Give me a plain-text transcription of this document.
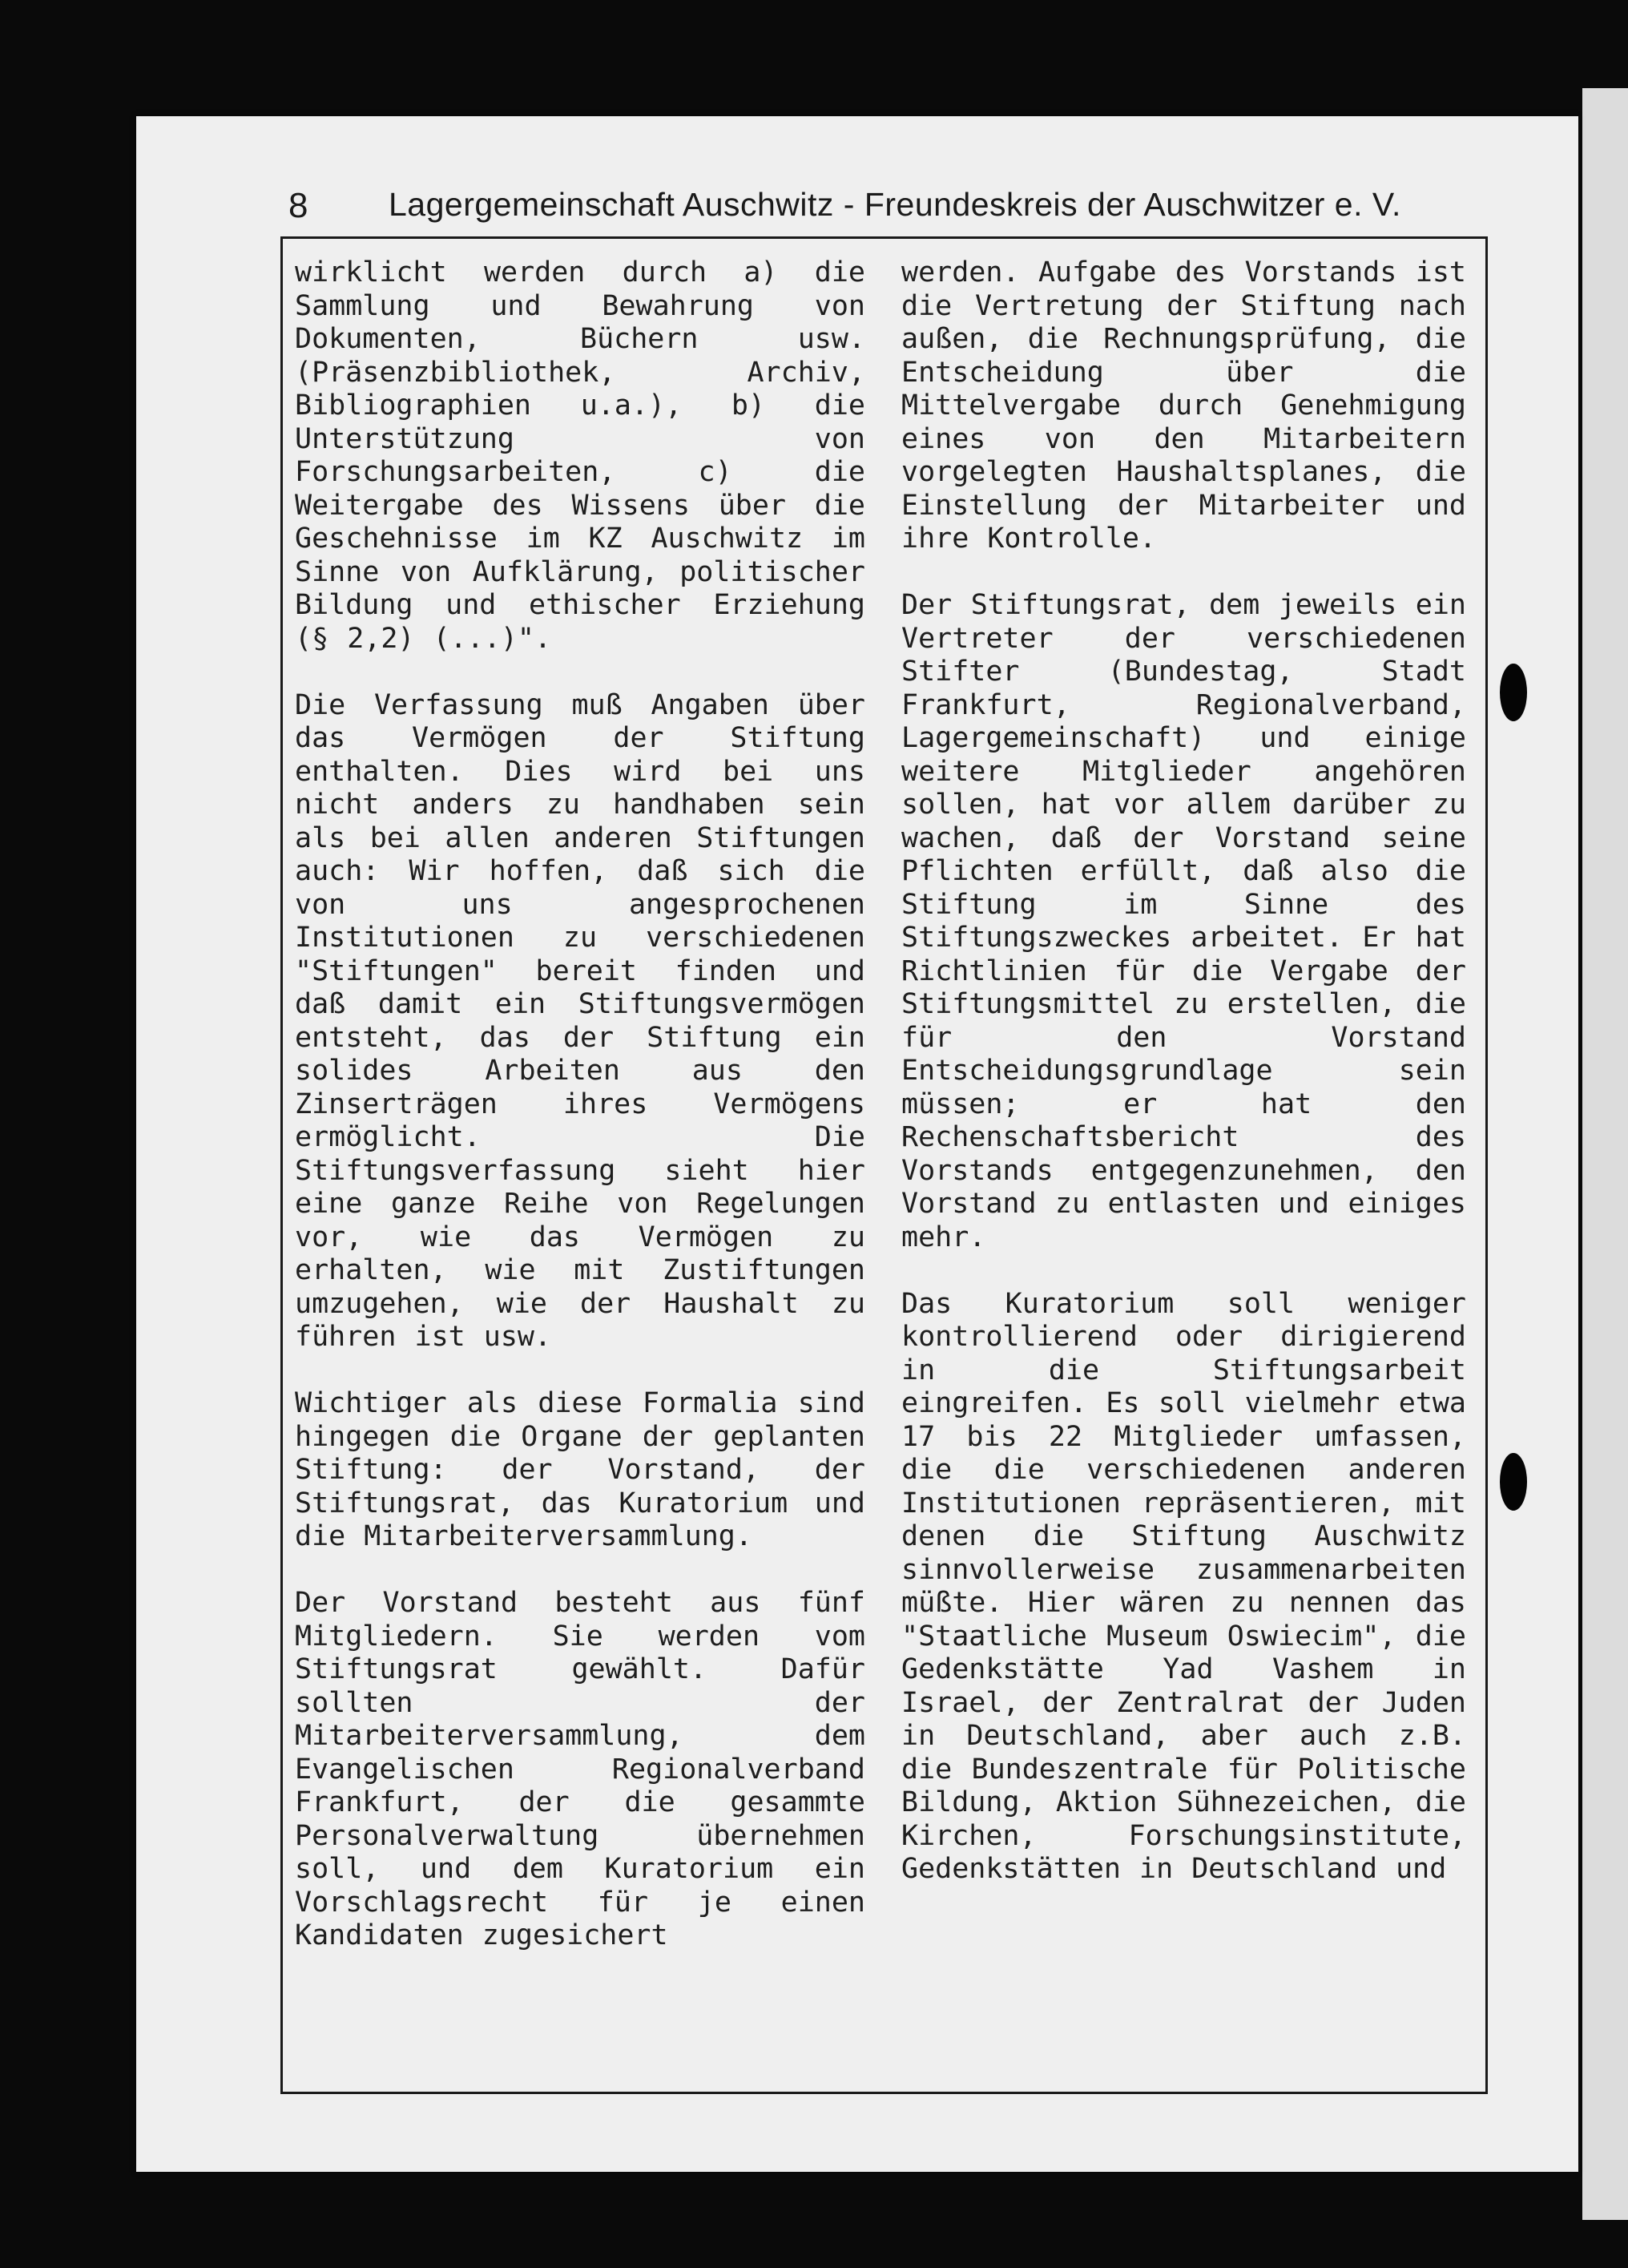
8 Lagergemeinschaft Auschwitz - Freundeskreis der Auschwitzer e. V.

wirklicht werden durch a) die Sammlung und Bewahrung von Dokumenten, Büchern usw. (Präsenzbibliothek, Archiv, Bibliographien u.a.), b) die Unterstützung von Forschungsarbeiten, c) die Weitergabe des Wissens über die Geschehnisse im KZ Auschwitz im Sinne von Aufklärung, politischer Bildung und ethischer Erziehung (§ 2,2) (...)".

Die Verfassung muß Angaben über das Vermögen der Stiftung enthalten. Dies wird bei uns nicht anders zu handhaben sein als bei allen anderen Stiftungen auch: Wir hoffen, daß sich die von uns angesprochenen Institutionen zu verschiedenen "Stiftungen" bereit finden und daß damit ein Stiftungsvermögen entsteht, das der Stiftung ein solides Arbeiten aus den Zinserträgen ihres Vermögens ermöglicht. Die Stiftungsverfassung sieht hier eine ganze Reihe von Regelungen vor, wie das Vermögen zu erhalten, wie mit Zustiftungen umzugehen, wie der Haushalt zu führen ist usw.

Wichtiger als diese Formalia sind hingegen die Organe der geplanten Stiftung: der Vorstand, der Stiftungsrat, das Kuratorium und die Mitarbeiterversammlung.

Der Vorstand besteht aus fünf Mitgliedern. Sie werden vom Stiftungsrat gewählt. Dafür sollten der Mitarbeiterversammlung, dem Evangelischen Regionalverband Frankfurt, der die gesammte Personalverwaltung übernehmen soll, und dem Kuratorium ein Vorschlagsrecht für je einen Kandidaten zugesichert

werden. Aufgabe des Vorstands ist die Vertretung der Stiftung nach außen, die Rechnungsprüfung, die Entscheidung über die Mittelvergabe durch Genehmigung eines von den Mitarbeitern vorgelegten Haushaltsplanes, die Einstellung der Mitarbeiter und ihre Kontrolle.

Der Stiftungsrat, dem jeweils ein Vertreter der verschiedenen Stifter (Bundestag, Stadt Frankfurt, Regionalverband, Lagergemeinschaft) und einige weitere Mitglieder angehören sollen, hat vor allem darüber zu wachen, daß der Vorstand seine Pflichten erfüllt, daß also die Stiftung im Sinne des Stiftungszweckes arbeitet. Er hat Richtlinien für die Vergabe der Stiftungsmittel zu erstellen, die für den Vorstand Entscheidungsgrundlage sein müssen; er hat den Rechenschaftsbericht des Vorstands entgegenzunehmen, den Vorstand zu entlasten und einiges mehr.

Das Kuratorium soll weniger kontrollierend oder dirigierend in die Stiftungsarbeit eingreifen. Es soll vielmehr etwa 17 bis 22 Mitglieder umfassen, die die verschiedenen anderen Institutionen repräsentieren, mit denen die Stiftung Auschwitz sinnvollerweise zusammenarbeiten müßte. Hier wären zu nennen das "Staatliche Museum Oswiecim", die Gedenkstätte Yad Vashem in Israel, der Zentralrat der Juden in Deutschland, aber auch z.B. die Bundeszentrale für Politische Bildung, Aktion Sühnezeichen, die Kirchen, Forschungsinstitute, Gedenkstätten in Deutschland und
